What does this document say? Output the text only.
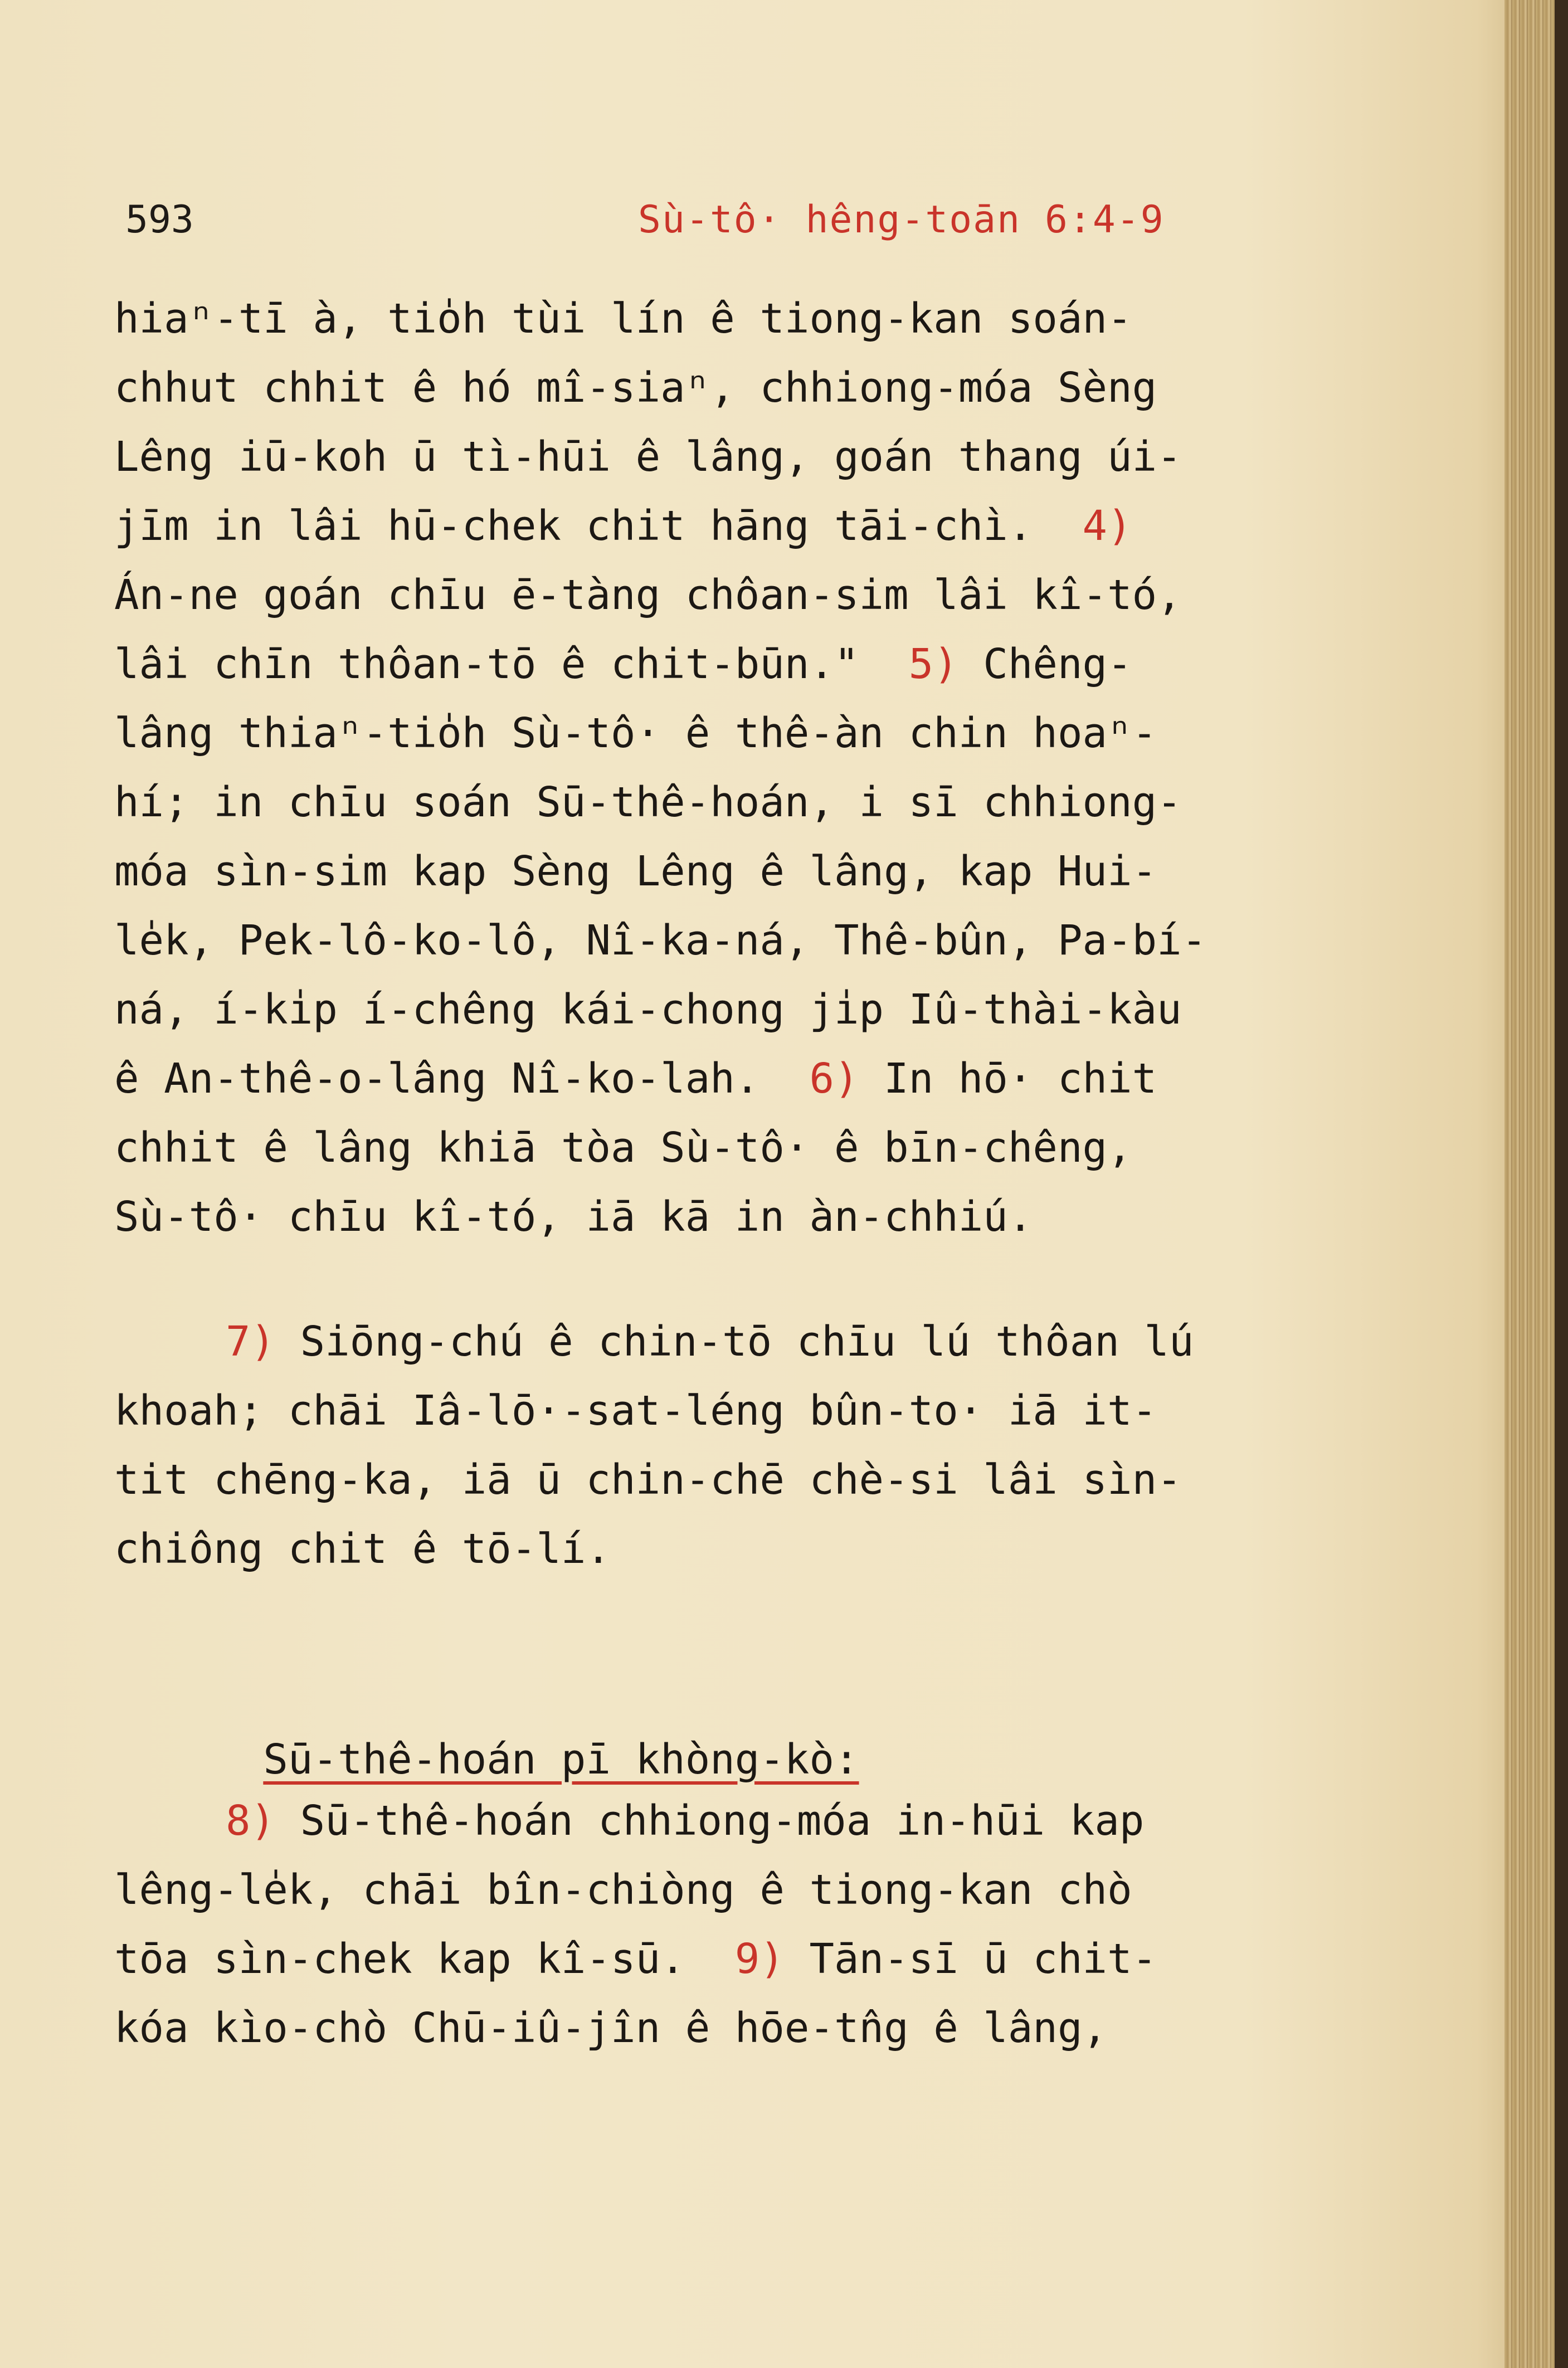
593	Sù-tô· hêng-toān 6:4-9
hiaⁿ-tī à, tio̍h tùi lín ê tiong-kan soán-
chhut chhit ê hó mî-siaⁿ, chhiong-móa Sèng
Lêng iū-koh ū tì-hūi ê lâng, goán thang úi-
jīm in lâi hū-chek chit hāng tāi-chì.  4)
Án-ne goán chīu ē-tàng chôan-sim lâi kî-tó,
lâi chīn thôan-tō ê chit-būn."  5) Chêng-
lâng thiaⁿ-tio̍h Sù-tô· ê thê-àn chin hoaⁿ-
hí; in chīu soán Sū-thê-hoán, i sī chhiong-
móa sìn-sim kap Sèng Lêng ê lâng, kap Hui-
le̍k, Pek-lô-ko-lô, Nî-ka-ná, Thê-bûn, Pa-bí-
ná, í-ki̍p í-chêng kái-chong ji̍p Iû-thài-kàu
ê An-thê-o-lâng Nî-ko-lah.  6) In hō· chit
chhit ê lâng khiā tòa Sù-tô· ê bīn-chêng,
Sù-tô· chīu kî-tó, iā kā in àn-chhiú.
7) Siōng-chú ê chin-tō chīu lú thôan lú
khoah; chāi Iâ-lō·-sat-léng bûn-to· iā it-
tit chēng-ka, iā ū chin-chē chè-si lâi sìn-
chiông chit ê tō-lí.

Sū-thê-hoán pī khòng-kò:

8) Sū-thê-hoán chhiong-móa in-hūi kap
lêng-le̍k, chāi bîn-chiòng ê tiong-kan chò
tōa sìn-chek kap kî-sū.  9) Tān-sī ū chit-
kóa kìo-chò Chū-iû-jîn ê hōe-tn̂g ê lâng,
